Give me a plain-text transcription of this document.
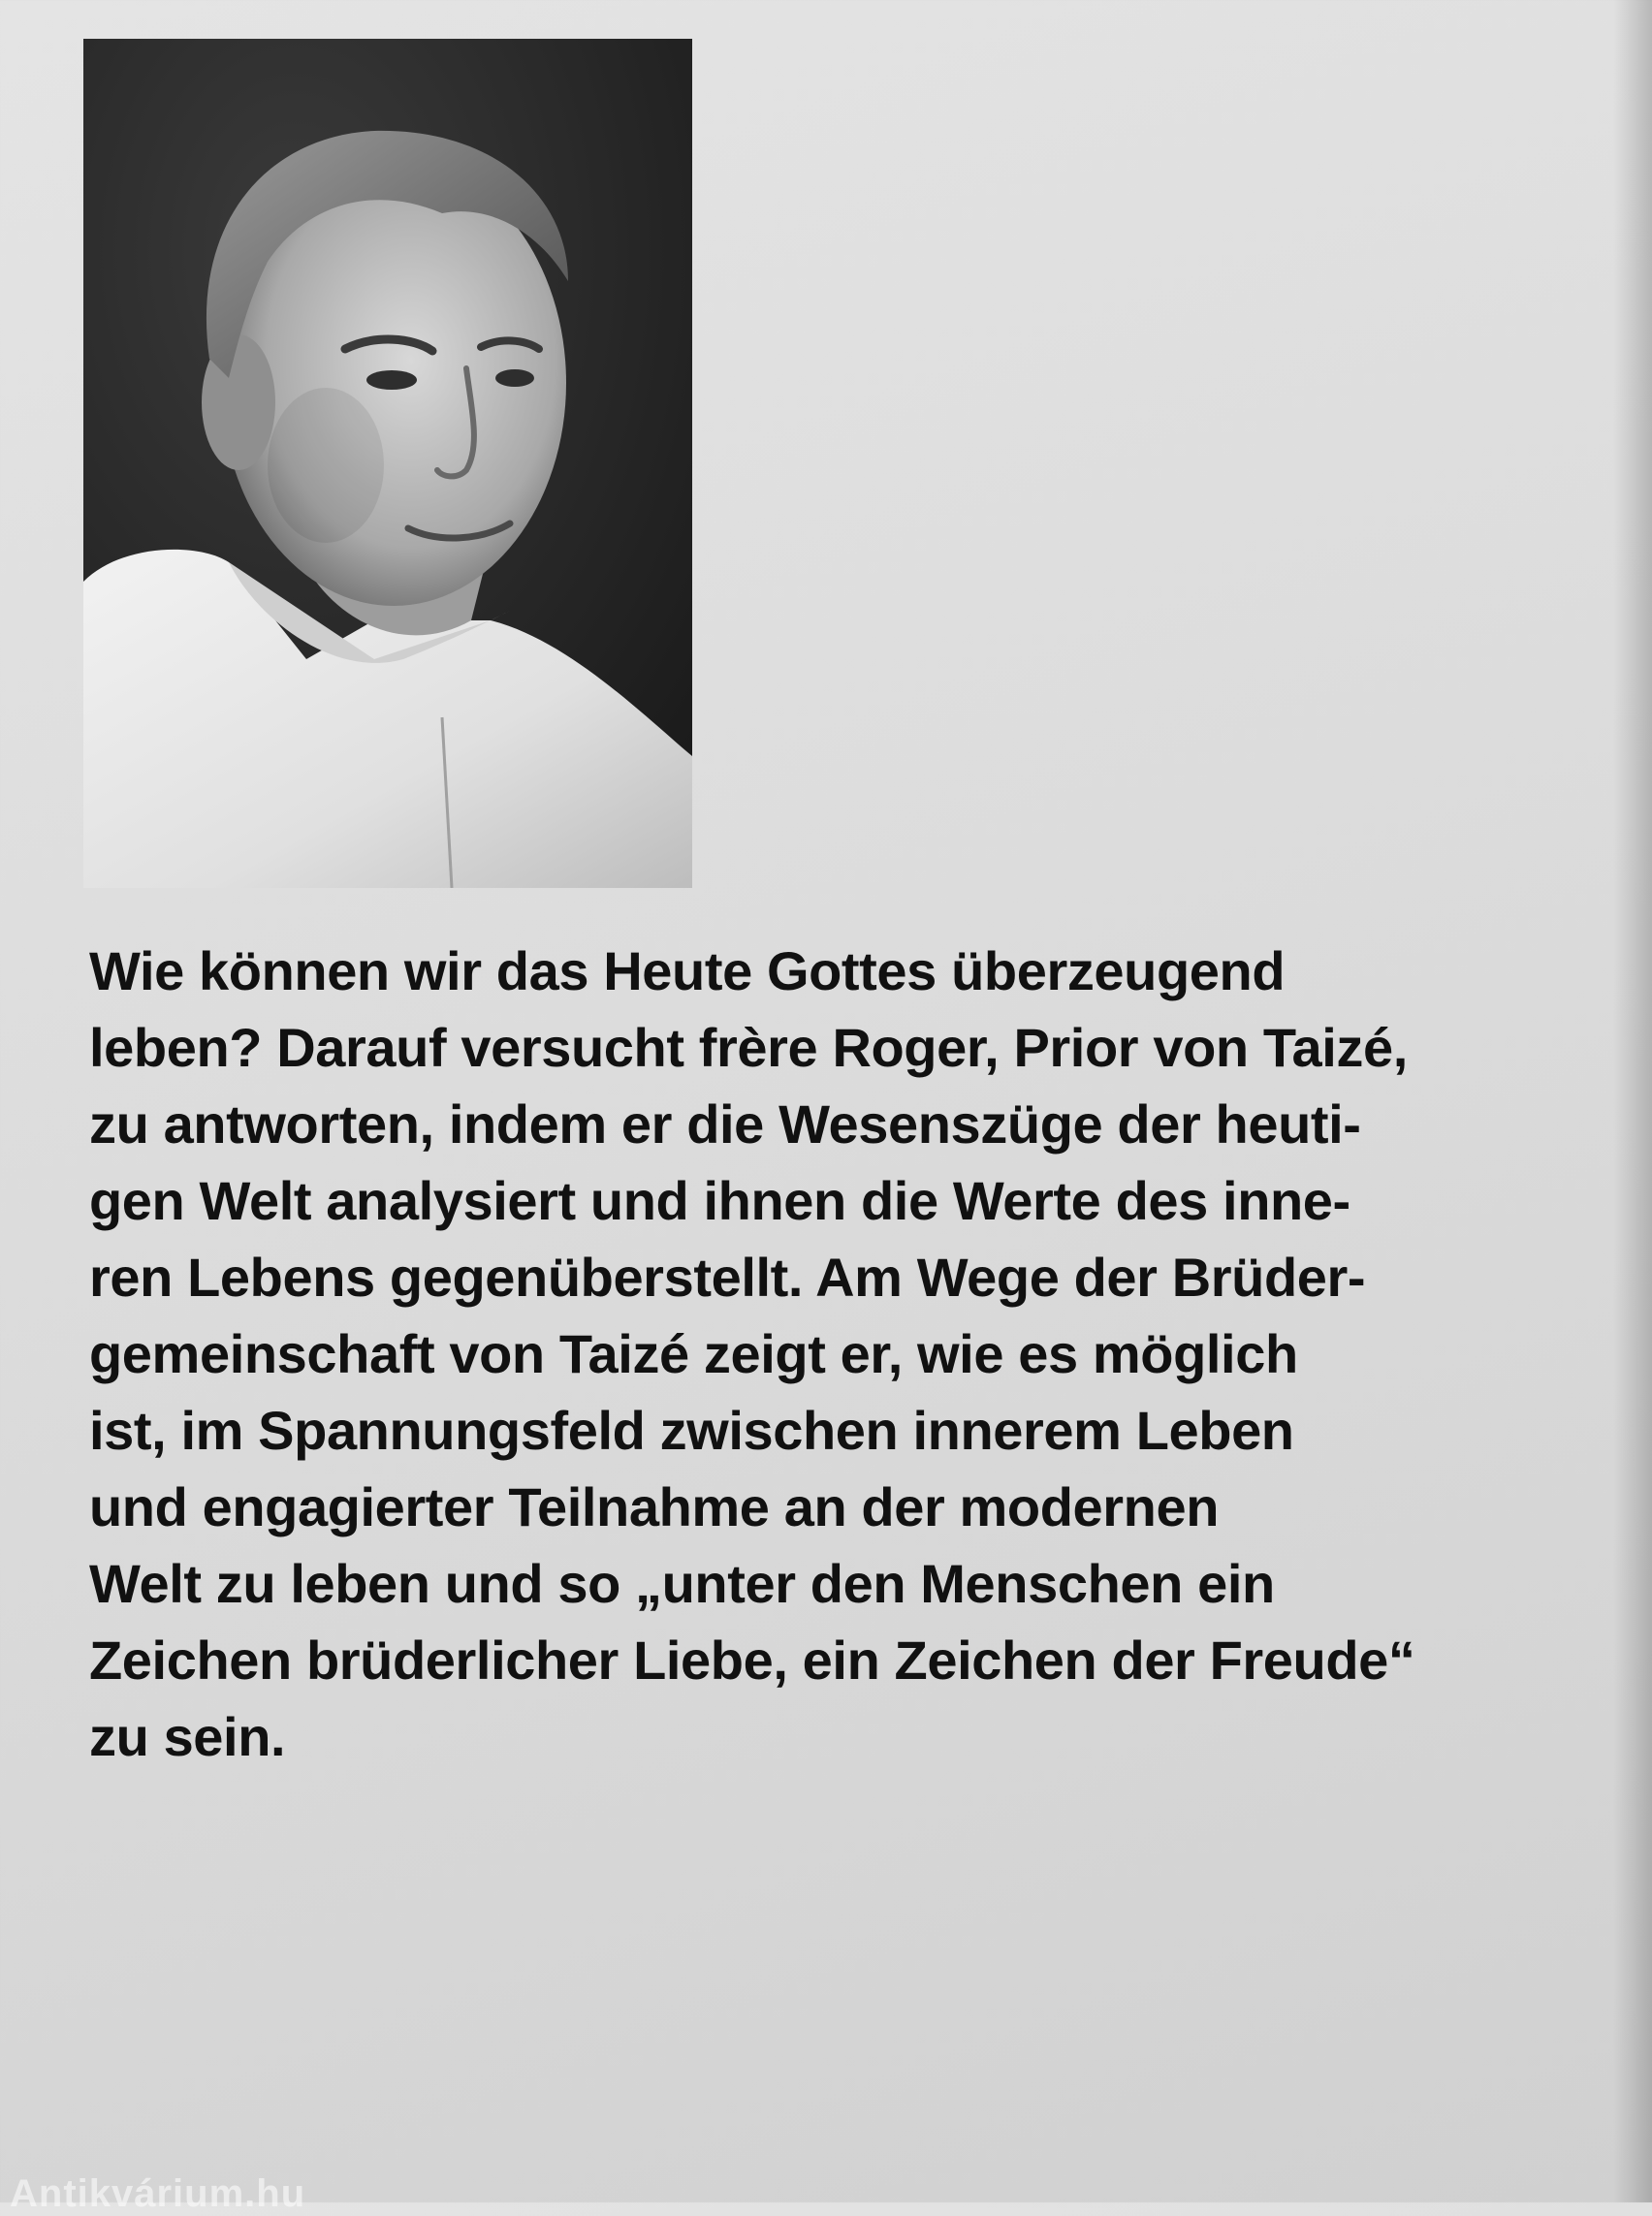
Wie können wir das Heute Gottes überzeugend
leben? Darauf versucht frère Roger, Prior von Taizé,
zu antworten, indem er die Wesenszüge der heuti-
gen Welt analysiert und ihnen die Werte des inne-
ren Lebens gegenüberstellt. Am Wege der Brüder-
gemeinschaft von Taizé zeigt er, wie es möglich
ist, im Spannungsfeld zwischen innerem Leben
und engagierter Teilnahme an der modernen
Welt zu leben und so „unter den Menschen ein
Zeichen brüderlicher Liebe, ein Zeichen der Freude“
zu sein.

Antikvárium.hu
